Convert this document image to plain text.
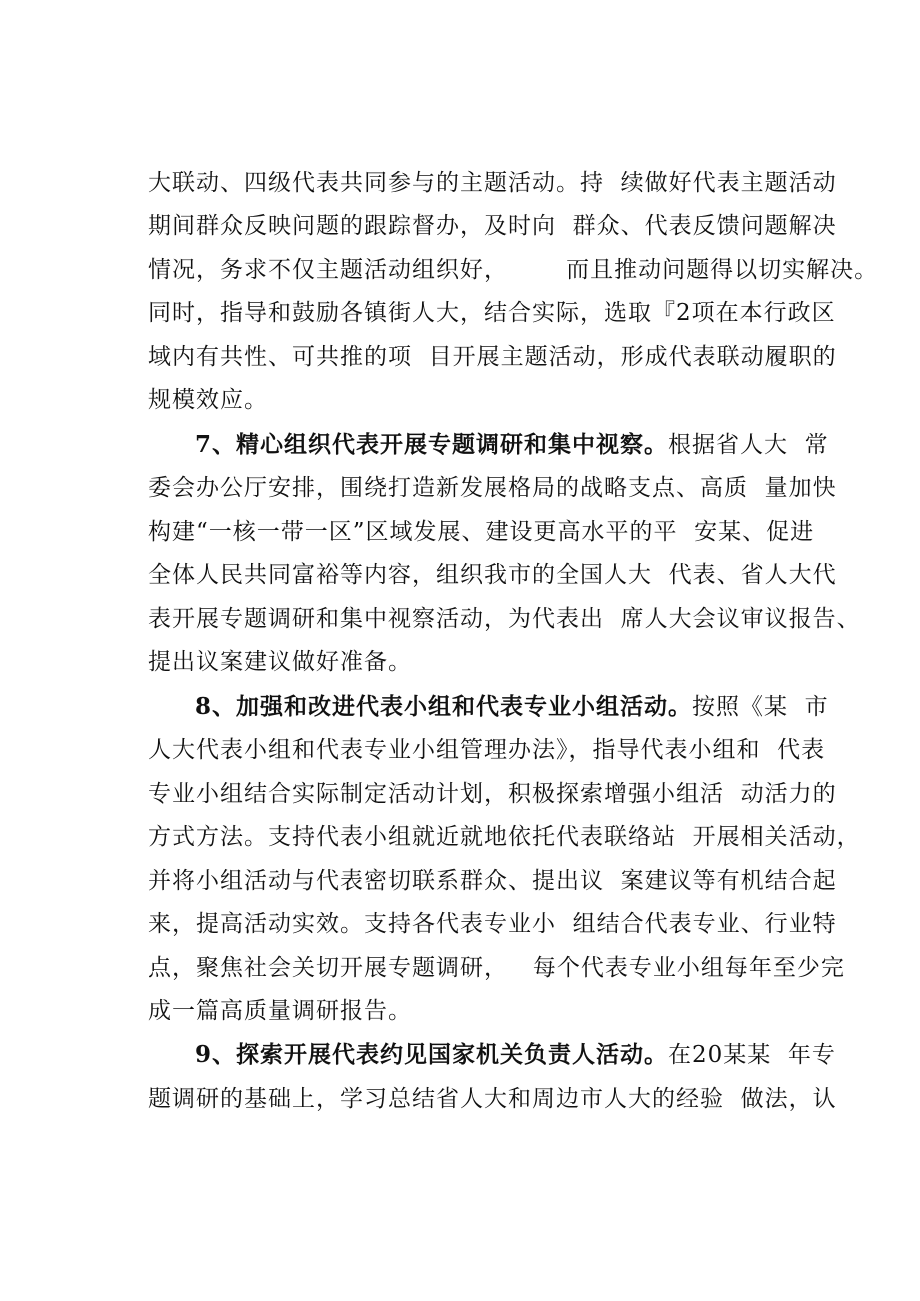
大联动、四级代表共同参与的主题活动。持  续做好代表主题活动
期间群众反映问题的跟踪督办，及时向  群众、代表反馈问题解决
情况，务求不仅主题活动组织好，       而且推动问题得以切实解决。
同时，指导和鼓励各镇街人大，结合实际，选取『2项在本行政区
域内有共性、可共推的项  目开展主题活动，形成代表联动履职的
规模效应。
7、精心组织代表开展专题调研和集中视察。根据省人大  常
委会办公厅安排，围绕打造新发展格局的战略支点、高质  量加快
构建“一核一带一区”区域发展、建设更高水平的平  安某、促进
全体人民共同富裕等内容，组织我市的全国人大  代表、省人大代
表开展专题调研和集中视察活动，为代表出  席人大会议审议报告、
提出议案建议做好准备。
8、加强和改进代表小组和代表专业小组活动。按照《某  市
人大代表小组和代表专业小组管理办法》，指导代表小组和  代表
专业小组结合实际制定活动计划，积极探索增强小组活  动活力的
方式方法。支持代表小组就近就地依托代表联络站  开展相关活动，
并将小组活动与代表密切联系群众、提出议  案建议等有机结合起
来，提高活动实效。支持各代表专业小  组结合代表专业、行业特
点，聚焦社会关切开展专题调研，   每个代表专业小组每年至少完
成一篇高质量调研报告。
9、探索开展代表约见国家机关负责人活动。在20某某  年专
题调研的基础上，学习总结省人大和周边市人大的经验  做法，认
